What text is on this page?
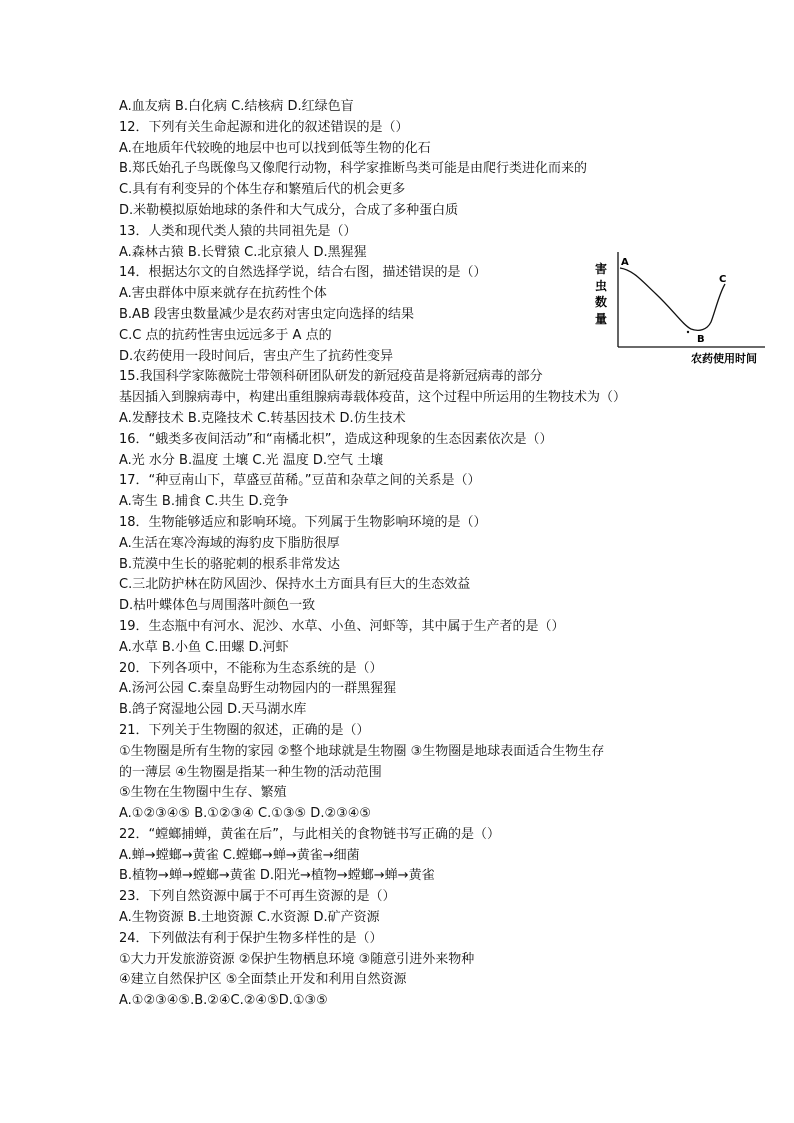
A.血友病 B.白化病 C.结核病 D.红绿色盲
12．下列有关生命起源和进化的叙述错误的是（）
A.在地质年代较晚的地层中也可以找到低等生物的化石
B.郑氏始孔子鸟既像鸟又像爬行动物，科学家推断鸟类可能是由爬行类进化而来的
C.具有有利变异的个体生存和繁殖后代的机会更多
D.米勒模拟原始地球的条件和大气成分，合成了多种蛋白质
13．人类和现代类人猿的共同祖先是（）
A.森林古猿 B.长臂猿 C.北京猿人 D.黑猩猩
14．根据达尔文的自然选择学说，结合右图，描述错误的是（）
A.害虫群体中原来就存在抗药性个体
B.AB 段害虫数量减少是农药对害虫定向选择的结果
C.C 点的抗药性害虫远远多于 A 点的
D.农药使用一段时间后，害虫产生了抗药性变异
15.我国科学家陈薇院士带领科研团队研发的新冠疫苗是将新冠病毒的部分
基因插入到腺病毒中，构建出重组腺病毒载体疫苗，这个过程中所运用的生物技术为（）
A.发酵技术 B.克隆技术 C.转基因技术 D.仿生技术
16．“蛾类多夜间活动”和“南橘北枳”，造成这种现象的生态因素依次是（）
A.光 水分 B.温度 土壤 C.光 温度 D.空气 土壤
17．“种豆南山下，草盛豆苗稀。”豆苗和杂草之间的关系是（）
A.寄生 B.捕食 C.共生 D.竞争
18．生物能够适应和影响环境。下列属于生物影响环境的是（）
A.生活在寒冷海域的海豹皮下脂肪很厚
B.荒漠中生长的骆驼刺的根系非常发达
C.三北防护林在防风固沙、保持水土方面具有巨大的生态效益
D.枯叶蝶体色与周围落叶颜色一致
19．生态瓶中有河水、泥沙、水草、小鱼、河虾等，其中属于生产者的是（）
A.水草 B.小鱼 C.田螺 D.河虾
20．下列各项中，不能称为生态系统的是（）
A.汤河公园 C.秦皇岛野生动物园内的一群黑猩猩
B.鸽子窝湿地公园 D.天马湖水库
21．下列关于生物圈的叙述，正确的是（）
①生物圈是所有生物的家园 ②整个地球就是生物圈 ③生物圈是地球表面适合生物生存
的一薄层 ④生物圈是指某一种生物的活动范围
⑤生物在生物圈中生存、繁殖
A.①②③④⑤ B.①②③④ C.①③⑤ D.②③④⑤
22．“螳螂捕蝉，黄雀在后”，与此相关的食物链书写正确的是（）
A.蝉→螳螂→黄雀 C.螳螂→蝉→黄雀→细菌
B.植物→蝉→螳螂→黄雀 D.阳光→植物→螳螂→蝉→黄雀
23．下列自然资源中属于不可再生资源的是（）
A.生物资源 B.土地资源 C.水资源 D.矿产资源
24．下列做法有利于保护生物多样性的是（）
①大力开发旅游资源 ②保护生物栖息环境 ③随意引进外来物种
④建立自然保护区 ⑤全面禁止开发和利用自然资源
A.①②③④⑤.B.②④C.②④⑤D.①③⑤
害
虫
数
量
A
B
C
农药使用时间
